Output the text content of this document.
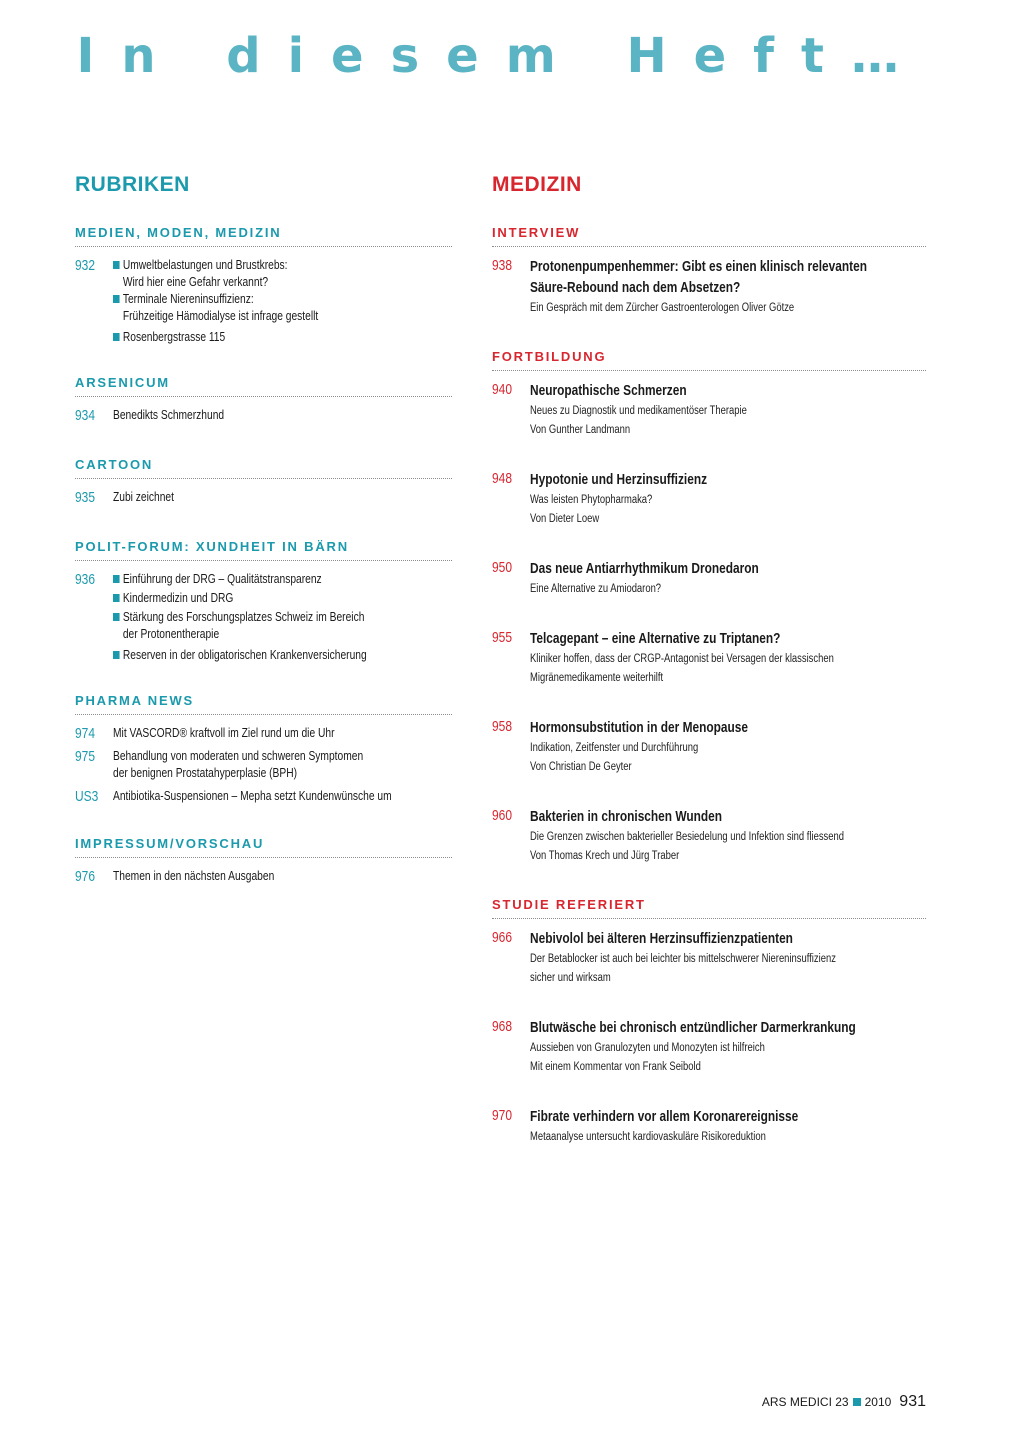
In diesem Heft…
RUBRIKEN
MEDIEN, MODEN, MEDIZIN
932	Umweltbelastungen und Brustkrebs:
Wird hier eine Gefahr verkannt?
Terminale Niereninsuffizienz:
Frühzeitige Hämodialyse ist infrage gestellt
Rosenbergstrasse 115
ARSENICUM
934	Benedikts Schmerzhund
CARTOON
935	Zubi zeichnet
POLIT-FORUM: XUNDHEIT IN BÄRN
936	Einführung der DRG – Qualitätstransparenz
Kindermedizin und DRG
Stärkung des Forschungsplatzes Schweiz im Bereich
der Protonentherapie
Reserven in der obligatorischen Krankenversicherung
PHARMA NEWS
974	Mit VASCORD® kraftvoll im Ziel rund um die Uhr
975	Behandlung von moderaten und schweren Symptomen
der benignen Prostatahyperplasie (BPH)
US3	Antibiotika-Suspensionen – Mepha setzt Kundenwünsche um
IMPRESSUM/VORSCHAU
976	Themen in den nächsten Ausgaben
MEDIZIN
INTERVIEW
938	Protonenpumpenhemmer: Gibt es einen klinisch relevanten
Säure-Rebound nach dem Absetzen?
Ein Gespräch mit dem Zürcher Gastroenterologen Oliver Götze
FORTBILDUNG
940	Neuropathische Schmerzen
Neues zu Diagnostik und medikamentöser Therapie
Von Gunther Landmann
948	Hypotonie und Herzinsuffizienz
Was leisten Phytopharmaka?
Von Dieter Loew
950	Das neue Antiarrhythmikum Dronedaron
Eine Alternative zu Amiodaron?
955	Telcagepant – eine Alternative zu Triptanen?
Kliniker hoffen, dass der CRGP-Antagonist bei Versagen der klassischen
Migränemedikamente weiterhilft
958	Hormonsubstitution in der Menopause
Indikation, Zeitfenster und Durchführung
Von Christian De Geyter
960	Bakterien in chronischen Wunden
Die Grenzen zwischen bakterieller Besiedelung und Infektion sind fliessend
Von Thomas Krech und Jürg Traber
STUDIE REFERIERT
966	Nebivolol bei älteren Herzinsuffizienzpatienten
Der Betablocker ist auch bei leichter bis mittelschwerer Niereninsuffizienz
sicher und wirksam
968	Blutwäsche bei chronisch entzündlicher Darmerkrankung
Aussieben von Granulozyten und Monozyten ist hilfreich
Mit einem Kommentar von Frank Seibold
970	Fibrate verhindern vor allem Koronarereignisse
Metaanalyse untersucht kardiovaskuläre Risikoreduktion
ARS MEDICI 23 2010 931
